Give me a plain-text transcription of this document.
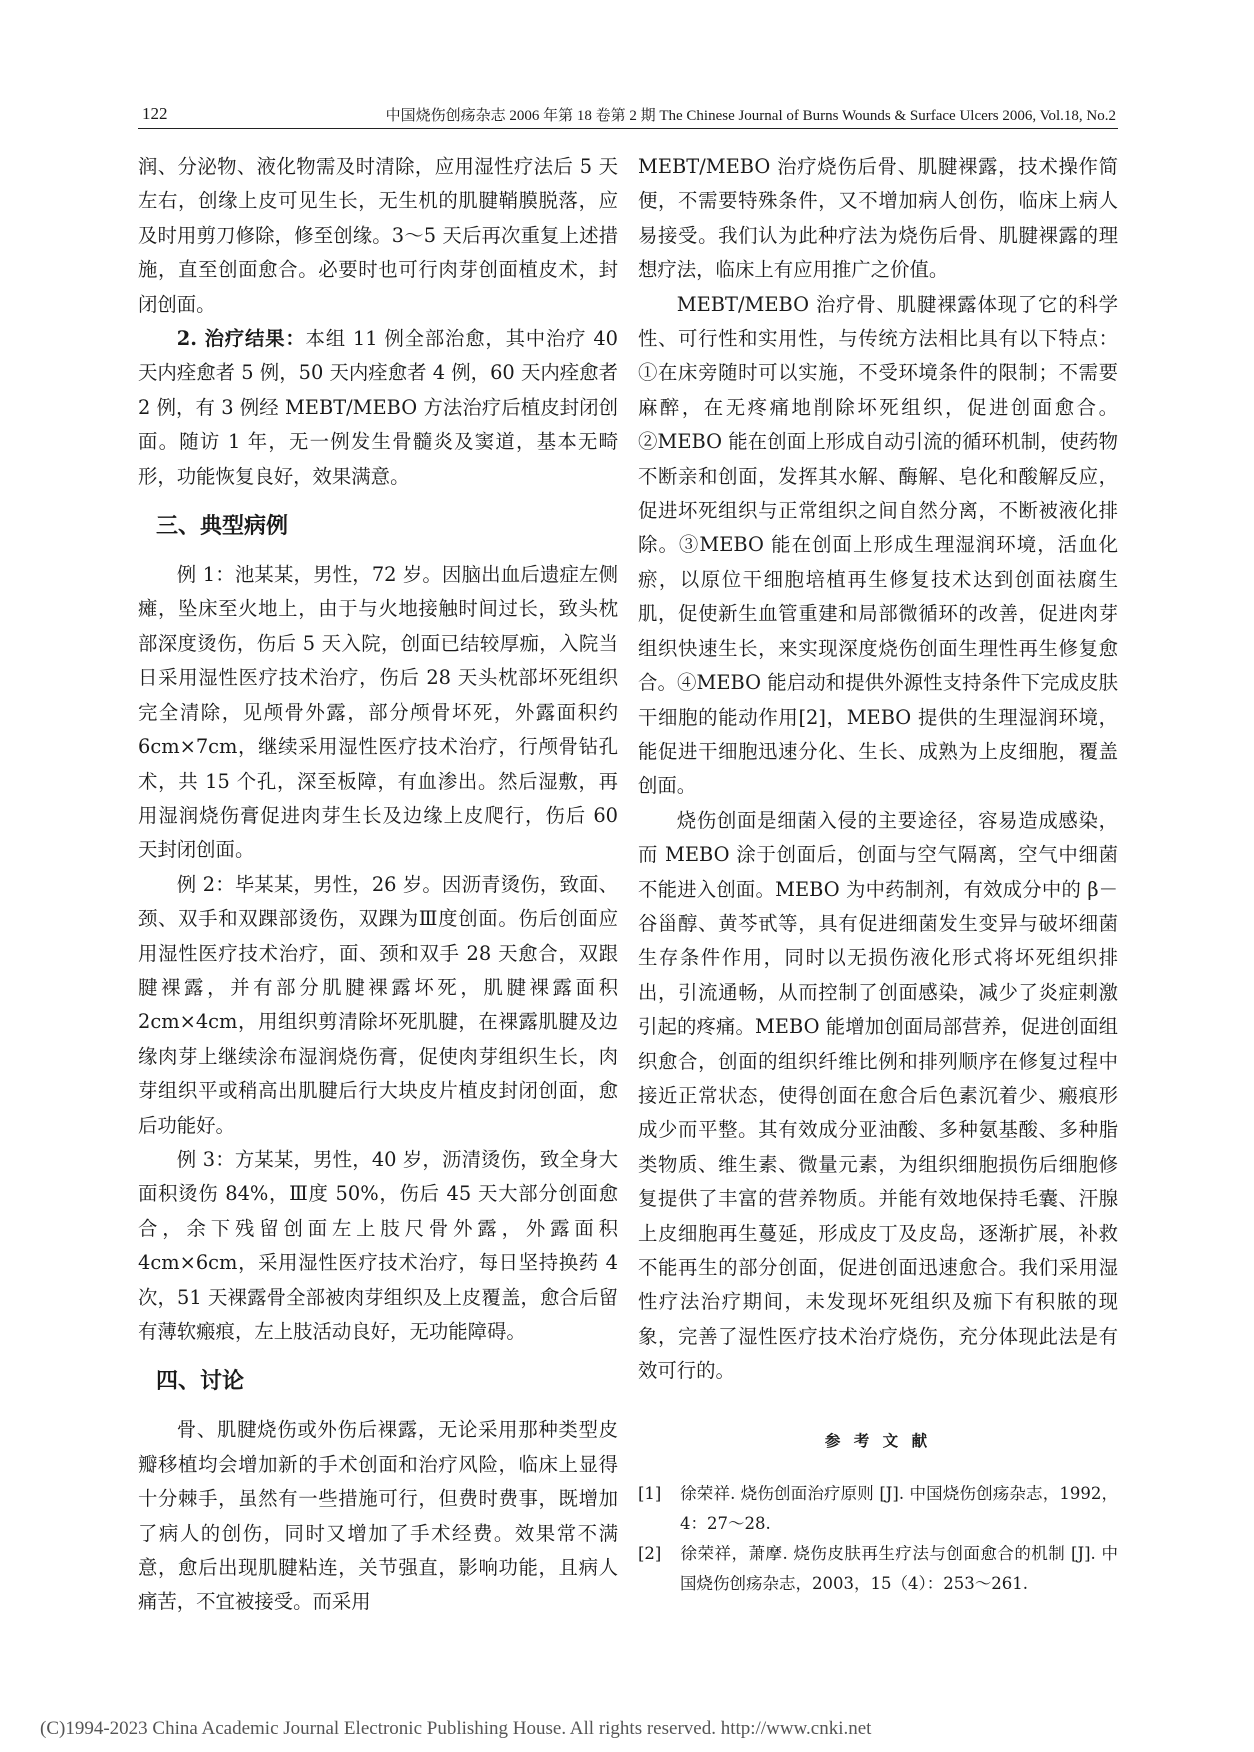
122	中国烧伤创疡杂志 2006 年第 18 卷第 2 期 The Chinese Journal of Burns Wounds & Surface Ulcers 2006, Vol.18, No.2

润、分泌物、液化物需及时清除，应用湿性疗法后 5 天左右，创缘上皮可见生长，无生机的肌腱鞘膜脱落，应及时用剪刀修除，修至创缘。3～5 天后再次重复上述措施，直至创面愈合。必要时也可行肉芽创面植皮术，封闭创面。

2. 治疗结果：本组 11 例全部治愈，其中治疗 40 天内痊愈者 5 例，50 天内痊愈者 4 例，60 天内痊愈者 2 例，有 3 例经 MEBT/MEBO 方法治疗后植皮封闭创面。随访 1 年，无一例发生骨髓炎及窦道，基本无畸形，功能恢复良好，效果满意。

三、典型病例

例 1：池某某，男性，72 岁。因脑出血后遗症左侧瘫，坠床至火地上，由于与火地接触时间过长，致头枕部深度烫伤，伤后 5 天入院，创面已结较厚痂，入院当日采用湿性医疗技术治疗，伤后 28 天头枕部坏死组织完全清除，见颅骨外露，部分颅骨坏死，外露面积约 6cm×7cm，继续采用湿性医疗技术治疗，行颅骨钻孔术，共 15 个孔，深至板障，有血渗出。然后湿敷，再用湿润烧伤膏促进肉芽生长及边缘上皮爬行，伤后 60 天封闭创面。

例 2：毕某某，男性，26 岁。因沥青烫伤，致面、颈、双手和双踝部烫伤，双踝为Ⅲ度创面。伤后创面应用湿性医疗技术治疗，面、颈和双手 28 天愈合，双跟腱裸露，并有部分肌腱裸露坏死，肌腱裸露面积 2cm×4cm，用组织剪清除坏死肌腱，在裸露肌腱及边缘肉芽上继续涂布湿润烧伤膏，促使肉芽组织生长，肉芽组织平或稍高出肌腱后行大块皮片植皮封闭创面，愈后功能好。

例 3：方某某，男性，40 岁，沥清烫伤，致全身大面积烫伤 84%，Ⅲ度 50%，伤后 45 天大部分创面愈合，余下残留创面左上肢尺骨外露，外露面积 4cm×6cm，采用湿性医疗技术治疗，每日坚持换药 4 次，51 天裸露骨全部被肉芽组织及上皮覆盖，愈合后留有薄软瘢痕，左上肢活动良好，无功能障碍。

四、讨论

骨、肌腱烧伤或外伤后裸露，无论采用那种类型皮瓣移植均会增加新的手术创面和治疗风险，临床上显得十分棘手，虽然有一些措施可行，但费时费事，既增加了病人的创伤，同时又增加了手术经费。效果常不满意，愈后出现肌腱粘连，关节强直，影响功能，且病人痛苦，不宜被接受。而采用

MEBT/MEBO 治疗烧伤后骨、肌腱裸露，技术操作简便，不需要特殊条件，又不增加病人创伤，临床上病人易接受。我们认为此种疗法为烧伤后骨、肌腱裸露的理想疗法，临床上有应用推广之价值。

MEBT/MEBO 治疗骨、肌腱裸露体现了它的科学性、可行性和实用性，与传统方法相比具有以下特点：①在床旁随时可以实施，不受环境条件的限制；不需要麻醉，在无疼痛地削除坏死组织，促进创面愈合。②MEBO 能在创面上形成自动引流的循环机制，使药物不断亲和创面，发挥其水解、酶解、皂化和酸解反应，促进坏死组织与正常组织之间自然分离，不断被液化排除。③MEBO 能在创面上形成生理湿润环境，活血化瘀，以原位干细胞培植再生修复技术达到创面祛腐生肌，促使新生血管重建和局部微循环的改善，促进肉芽组织快速生长，来实现深度烧伤创面生理性再生修复愈合。④MEBO 能启动和提供外源性支持条件下完成皮肤干细胞的能动作用[2]，MEBO 提供的生理湿润环境，能促进干细胞迅速分化、生长、成熟为上皮细胞，覆盖创面。

烧伤创面是细菌入侵的主要途径，容易造成感染，而 MEBO 涂于创面后，创面与空气隔离，空气中细菌不能进入创面。MEBO 为中药制剂，有效成分中的 β－谷甾醇、黄芩甙等，具有促进细菌发生变异与破坏细菌生存条件作用，同时以无损伤液化形式将坏死组织排出，引流通畅，从而控制了创面感染，减少了炎症刺激引起的疼痛。MEBO 能增加创面局部营养，促进创面组织愈合，创面的组织纤维比例和排列顺序在修复过程中接近正常状态，使得创面在愈合后色素沉着少、瘢痕形成少而平整。其有效成分亚油酸、多种氨基酸、多种脂类物质、维生素、微量元素，为组织细胞损伤后细胞修复提供了丰富的营养物质。并能有效地保持毛囊、汗腺上皮细胞再生蔓延，形成皮丁及皮岛，逐渐扩展，补救不能再生的部分创面，促进创面迅速愈合。我们采用湿性疗法治疗期间，未发现坏死组织及痂下有积脓的现象，完善了湿性医疗技术治疗烧伤，充分体现此法是有效可行的。

参 考 文 献

[1] 徐荣祥. 烧伤创面治疗原则 [J]. 中国烧伤创疡杂志，1992，4：27～28.

[2] 徐荣祥，萧摩. 烧伤皮肤再生疗法与创面愈合的机制 [J]. 中国烧伤创疡杂志，2003，15（4）：253～261.

(C)1994-2023 China Academic Journal Electronic Publishing House. All rights reserved. http://www.cnki.net
